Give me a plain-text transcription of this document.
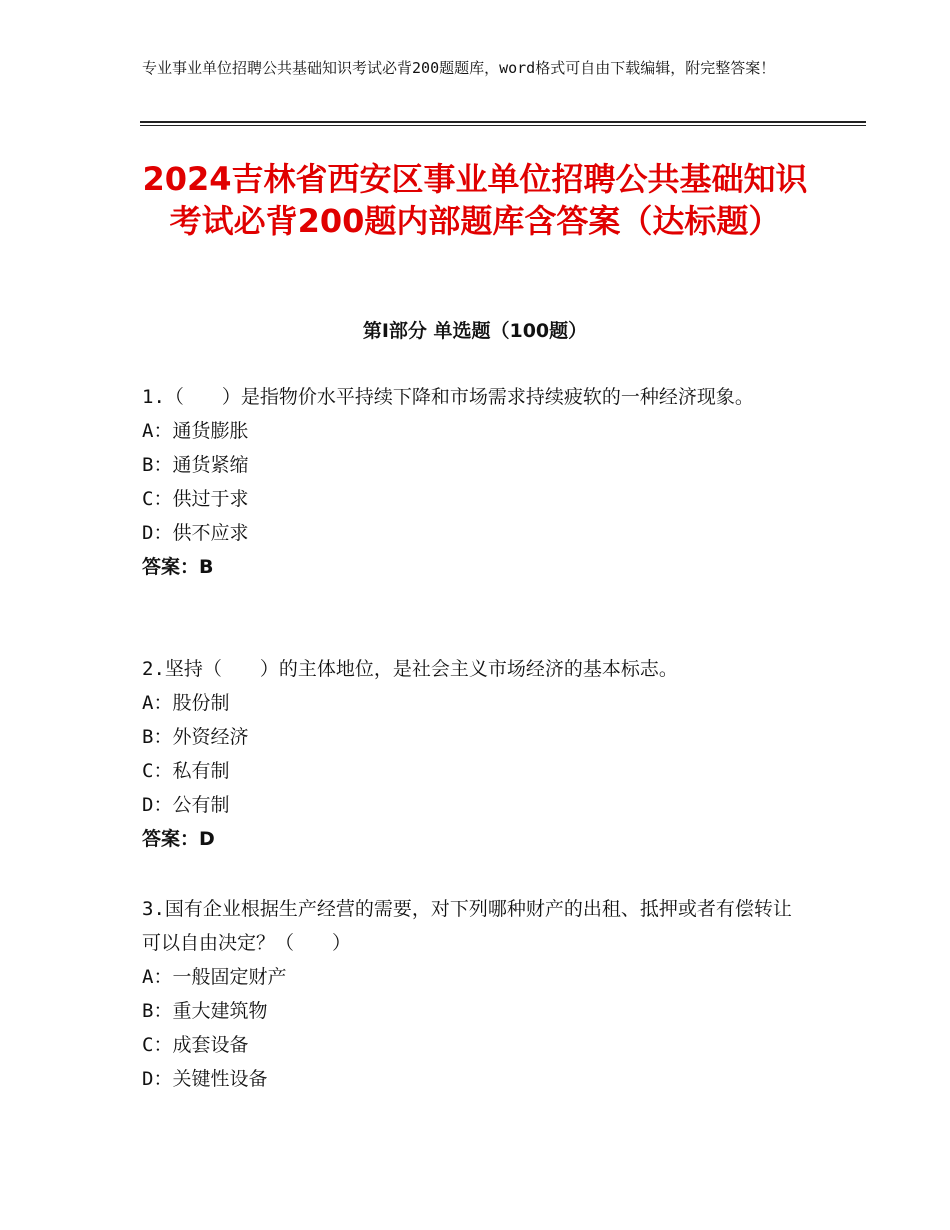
专业事业单位招聘公共基础知识考试必背200题题库，word格式可自由下载编辑，附完整答案！
2024吉林省西安区事业单位招聘公共基础知识考试必背200题内部题库含答案（达标题）
第Ⅰ部分 单选题（100题）

1.（　　）是指物价水平持续下降和市场需求持续疲软的一种经济现象。

A：通货膨胀

B：通货紧缩

C：供过于求

D：供不应求

答案：B

2.坚持（　　）的主体地位，是社会主义市场经济的基本标志。

A：股份制

B：外资经济

C：私有制

D：公有制

答案：D

3.国有企业根据生产经营的需要，对下列哪种财产的出租、抵押或者有偿转让可以自由决定？（　　）

A：一般固定财产

B：重大建筑物

C：成套设备

D：关键性设备
